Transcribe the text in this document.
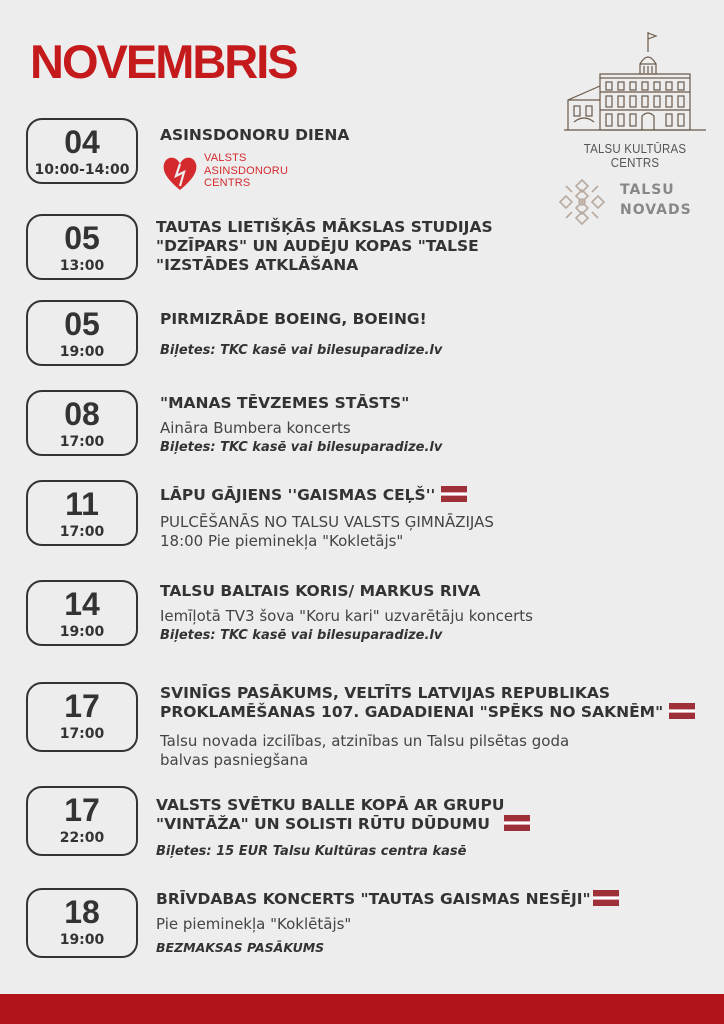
NOVEMBRIS
TALSU KULTŪRAS CENTRS
TALSU
NOVADS
04
10:00-14:00
ASINSDONORU DIENA
VALSTS
ASINSDONORU
CENTRS
05
13:00
TAUTAS LIETIŠĶĀS MĀKSLAS STUDIJAS "DZĪPARS" UN AUDĒJU KOPAS "TALSE "IZSTĀDES ATKLĀŠANA
05
19:00
PIRMIZRĀDE BOEING, BOEING!
Biļetes: TKC kasē vai bilesuparadize.lv
08
17:00
"MANAS TĒVZEMES STĀSTS"
Aināra Bumbera koncerts
Biļetes: TKC kasē vai bilesuparadize.lv
11
17:00
LĀPU GĀJIENS ''GAISMAS CEĻŠ''
PULCĒŠANĀS NO TALSU VALSTS ĢIMNĀZIJAS
18:00 Pie pieminekļa "Kokletājs"
14
19:00
TALSU BALTAIS KORIS/ MARKUS RIVA
Iemīļotā TV3 šova "Koru kari" uzvarētāju koncerts
Biļetes: TKC kasē vai bilesuparadize.lv
17
17:00
SVINĪGS PASĀKUMS, VELTĪTS LATVIJAS REPUBLIKAS
PROKLAMĒŠANAS 107. GADADIENAI "SPĒKS NO SAKNĒM"
Talsu novada izcilības, atzinības un Talsu pilsētas goda balvas pasniegšana
17
22:00
VALSTS SVĒTKU BALLE KOPĀ AR GRUPU
"VINTĀŽA" UN SOLISTI RŪTU DŪDUMU
Biļetes: 15 EUR Talsu Kultūras centra kasē
18
19:00
BRĪVDABAS KONCERTS "TAUTAS GAISMAS NESĒJI"
Pie pieminekļa "Koklētājs"
BEZMAKSAS PASĀKUMS
